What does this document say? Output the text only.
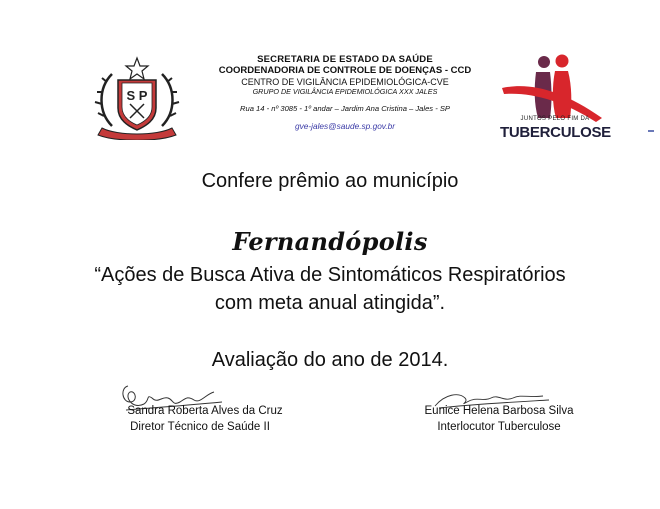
S P
SECRETARIA DE ESTADO DA SAÚDE
COORDENADORIA DE CONTROLE DE DOENÇAS - CCD
CENTRO DE VIGILÂNCIA EPIDEMIOLÓGICA-CVE
GRUPO DE VIGILÂNCIA EPIDEMIOLÓGICA XXX JALES
Rua 14 - nº 3085 - 1º andar – Jardim Ana Cristina – Jales - SP
gve-jales@saude.sp.gov.br
JUNTOS PELO FIM DA
TUBERCULOSE
Confere prêmio ao município
Fernandópolis
“Ações de Busca Ativa de Sintomáticos Respiratórios
com meta anual atingida”.
Avaliação do ano de 2014.
Sandra Roberta Alves da Cruz
Diretor Técnico de Saúde II
Eunice Helena Barbosa Silva
Interlocutor Tuberculose
